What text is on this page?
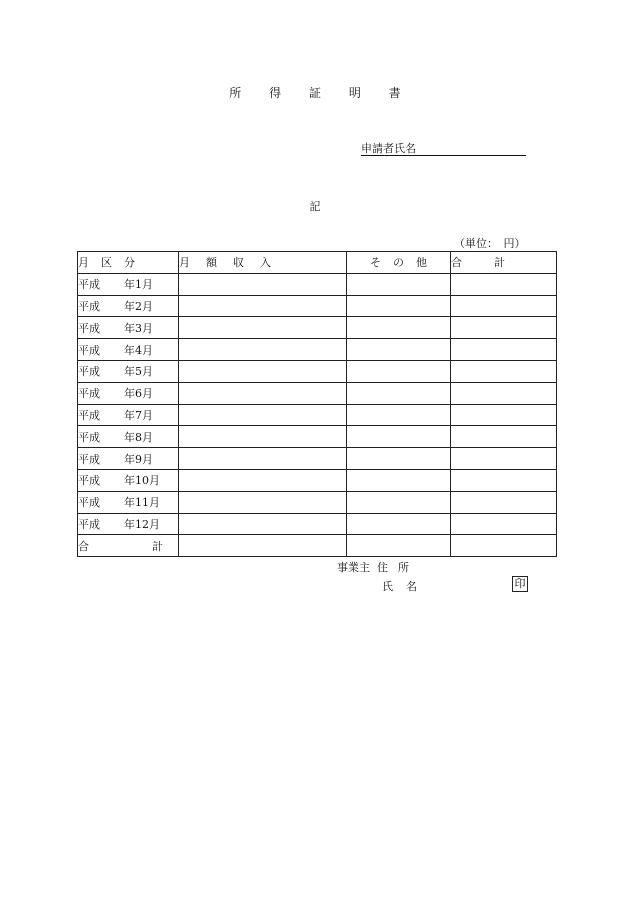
所 得 証 明 書
申請者氏名
記
（単位：　円）
月 区 分	月 額 収 入	そ の 他	合 計
平成 年1月			
平成 年2月			
平成 年3月			
平成 年4月			
平成 年5月			
平成 年6月			
平成 年7月			
平成 年8月			
平成 年9月			
平成 年10月			
平成 年11月			
平成 年12月			
合 計			
事業主 住 所
氏 名	印
